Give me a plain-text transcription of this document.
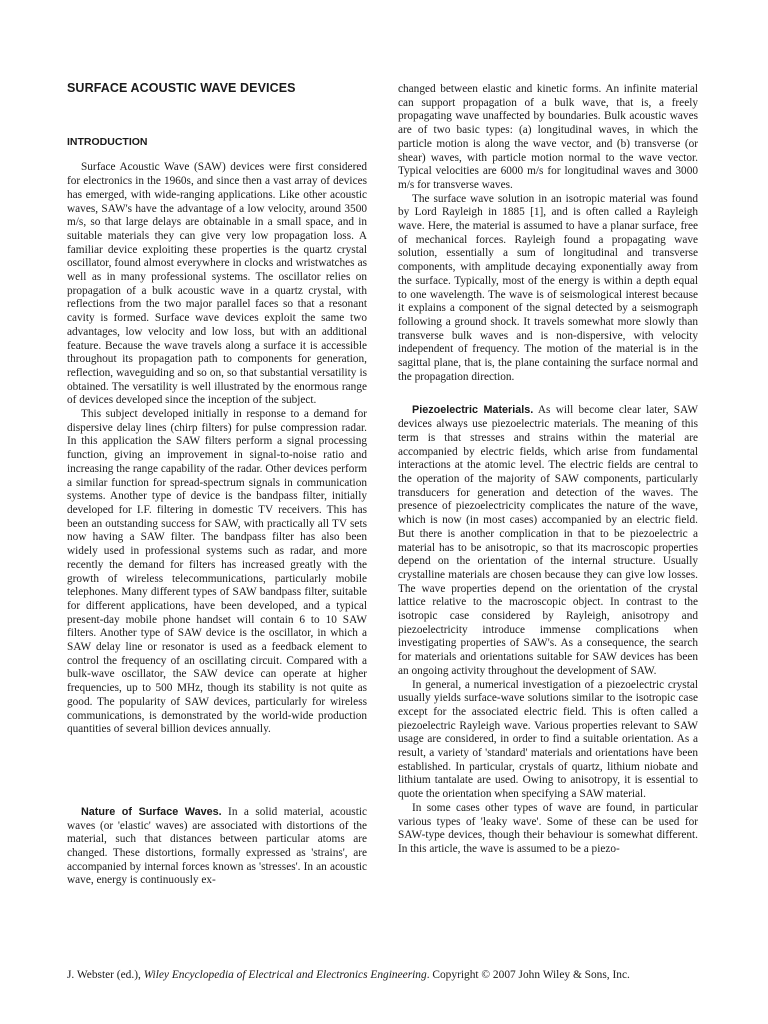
SURFACE ACOUSTIC WAVE DEVICES
INTRODUCTION

Surface Acoustic Wave (SAW) devices were first considered for electronics in the 1960s, and since then a vast array of devices has emerged, with wide-ranging applications. Like other acoustic waves, SAW's have the advantage of a low velocity, around 3500 m/s, so that large delays are obtainable in a small space, and in suitable materials they can give very low propagation loss. A familiar device exploiting these properties is the quartz crystal oscillator, found almost everywhere in clocks and wristwatches as well as in many professional systems. The oscillator relies on propagation of a bulk acoustic wave in a quartz crystal, with reflections from the two major parallel faces so that a resonant cavity is formed. Surface wave devices exploit the same two advantages, low velocity and low loss, but with an additional feature. Because the wave travels along a surface it is accessible throughout its propagation path to components for generation, reflection, waveguiding and so on, so that substantial versatility is obtained. The versatility is well illustrated by the enormous range of devices developed since the inception of the subject.

This subject developed initially in response to a demand for dispersive delay lines (chirp filters) for pulse compression radar. In this application the SAW filters perform a signal processing function, giving an improvement in signal-to-noise ratio and increasing the range capability of the radar. Other devices perform a similar function for spread-spectrum signals in communication systems. Another type of device is the bandpass filter, initially developed for I.F. filtering in domestic TV receivers. This has been an outstanding success for SAW, with practically all TV sets now having a SAW filter. The bandpass filter has also been widely used in professional systems such as radar, and more recently the demand for filters has increased greatly with the growth of wireless telecommunications, particularly mobile telephones. Many different types of SAW bandpass filter, suitable for different applications, have been developed, and a typical present-day mobile phone handset will contain 6 to 10 SAW filters. Another type of SAW device is the oscillator, in which a SAW delay line or resonator is used as a feedback element to control the frequency of an oscillating circuit. Compared with a bulk-wave oscillator, the SAW device can operate at higher frequencies, up to 500 MHz, though its stability is not quite as good. The popularity of SAW devices, particularly for wireless communications, is demonstrated by the world-wide production quantities of several billion devices annually.

Nature of Surface Waves. In a solid material, acoustic waves (or 'elastic' waves) are associated with distortions of the material, such that distances between particular atoms are changed. These distortions, formally expressed as 'strains', are accompanied by internal forces known as 'stresses'. In an acoustic wave, energy is continuously ex-

changed between elastic and kinetic forms. An infinite material can support propagation of a bulk wave, that is, a freely propagating wave unaffected by boundaries. Bulk acoustic waves are of two basic types: (a) longitudinal waves, in which the particle motion is along the wave vector, and (b) transverse (or shear) waves, with particle motion normal to the wave vector. Typical velocities are 6000 m/s for longitudinal waves and 3000 m/s for transverse waves.

The surface wave solution in an isotropic material was found by Lord Rayleigh in 1885 [1], and is often called a Rayleigh wave. Here, the material is assumed to have a planar surface, free of mechanical forces. Rayleigh found a propagating wave solution, essentially a sum of longitudinal and transverse components, with amplitude decaying exponentially away from the surface. Typically, most of the energy is within a depth equal to one wavelength. The wave is of seismological interest because it explains a component of the signal detected by a seismograph following a ground shock. It travels somewhat more slowly than transverse bulk waves and is non-dispersive, with velocity independent of frequency. The motion of the material is in the sagittal plane, that is, the plane containing the surface normal and the propagation direction.

Piezoelectric Materials. As will become clear later, SAW devices always use piezoelectric materials. The meaning of this term is that stresses and strains within the material are accompanied by electric fields, which arise from fundamental interactions at the atomic level. The electric fields are central to the operation of the majority of SAW components, particularly transducers for generation and detection of the waves. The presence of piezoelectricity complicates the nature of the wave, which is now (in most cases) accompanied by an electric field. But there is another complication in that to be piezoelectric a material has to be anisotropic, so that its macroscopic properties depend on the orientation of the internal structure. Usually crystalline materials are chosen because they can give low losses. The wave properties depend on the orientation of the crystal lattice relative to the macroscopic object. In contrast to the isotropic case considered by Rayleigh, anisotropy and piezoelectricity introduce immense complications when investigating properties of SAW's. As a consequence, the search for materials and orientations suitable for SAW devices has been an ongoing activity throughout the development of SAW.

In general, a numerical investigation of a piezoelectric crystal usually yields surface-wave solutions similar to the isotropic case except for the associated electric field. This is often called a piezoelectric Rayleigh wave. Various properties relevant to SAW usage are considered, in order to find a suitable orientation. As a result, a variety of 'standard' materials and orientations have been established. In particular, crystals of quartz, lithium niobate and lithium tantalate are used. Owing to anisotropy, it is essential to quote the orientation when specifying a SAW material.

In some cases other types of wave are found, in particular various types of 'leaky wave'. Some of these can be used for SAW-type devices, though their behaviour is somewhat different. In this article, the wave is assumed to be a piezo-

J. Webster (ed.), Wiley Encyclopedia of Electrical and Electronics Engineering. Copyright © 2007 John Wiley & Sons, Inc.
